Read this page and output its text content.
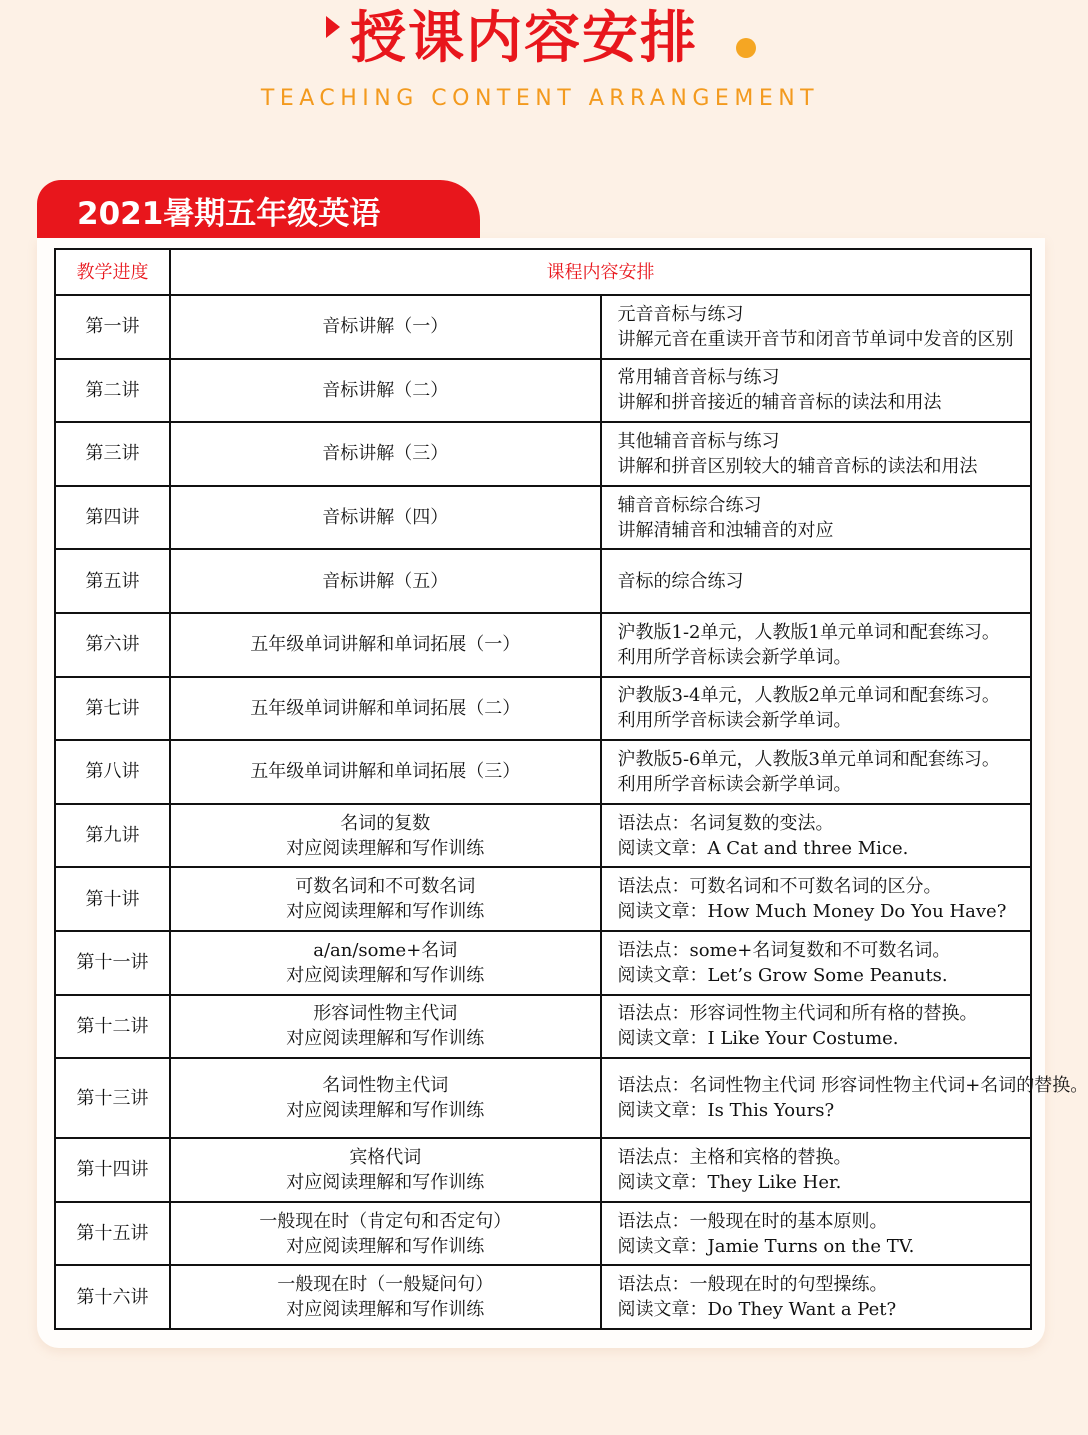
授课内容安排
TEACHING CONTENT ARRANGEMENT
2021暑期五年级英语
教学进度	课程内容安排	
第一讲	音标讲解（一）	元音音标与练习
讲解元音在重读开音节和闭音节单词中发音的区别

第二讲	音标讲解（二）	常用辅音音标与练习
讲解和拼音接近的辅音音标的读法和用法

第三讲	音标讲解（三）	其他辅音音标与练习
讲解和拼音区别较大的辅音音标的读法和用法

第四讲	音标讲解（四）	辅音音标综合练习
讲解清辅音和浊辅音的对应

第五讲	音标讲解（五）	音标的综合练习

第六讲	五年级单词讲解和单词拓展（一）	沪教版1-2单元，人教版1单元单词和配套练习。
利用所学音标读会新学单词。

第七讲	五年级单词讲解和单词拓展（二）	沪教版3-4单元，人教版2单元单词和配套练习。
利用所学音标读会新学单词。

第八讲	五年级单词讲解和单词拓展（三）	沪教版5-6单元，人教版3单元单词和配套练习。
利用所学音标读会新学单词。

第九讲	名词的复数
对应阅读理解和写作训练	语法点：名词复数的变法。
阅读文章：A Cat and three Mice.

第十讲	可数名词和不可数名词
对应阅读理解和写作训练	语法点：可数名词和不可数名词的区分。
阅读文章：How Much Money Do You Have?

第十一讲	a/an/some+名词
对应阅读理解和写作训练	语法点：some+名词复数和不可数名词。
阅读文章：Let’s Grow Some Peanuts.

第十二讲	形容词性物主代词
对应阅读理解和写作训练	语法点：形容词性物主代词和所有格的替换。
阅读文章：I Like Your Costume.

第十三讲	名词性物主代词
对应阅读理解和写作训练	语法点：名词性物主代词 形容词性物主代词+名词的替换。
阅读文章：Is This Yours?

第十四讲	宾格代词
对应阅读理解和写作训练	语法点：主格和宾格的替换。
阅读文章：They Like Her.

第十五讲	一般现在时（肯定句和否定句）
对应阅读理解和写作训练	语法点：一般现在时的基本原则。
阅读文章：Jamie Turns on the TV.

第十六讲	一般现在时（一般疑问句）
对应阅读理解和写作训练	语法点：一般现在时的句型操练。
阅读文章：Do They Want a Pet?
